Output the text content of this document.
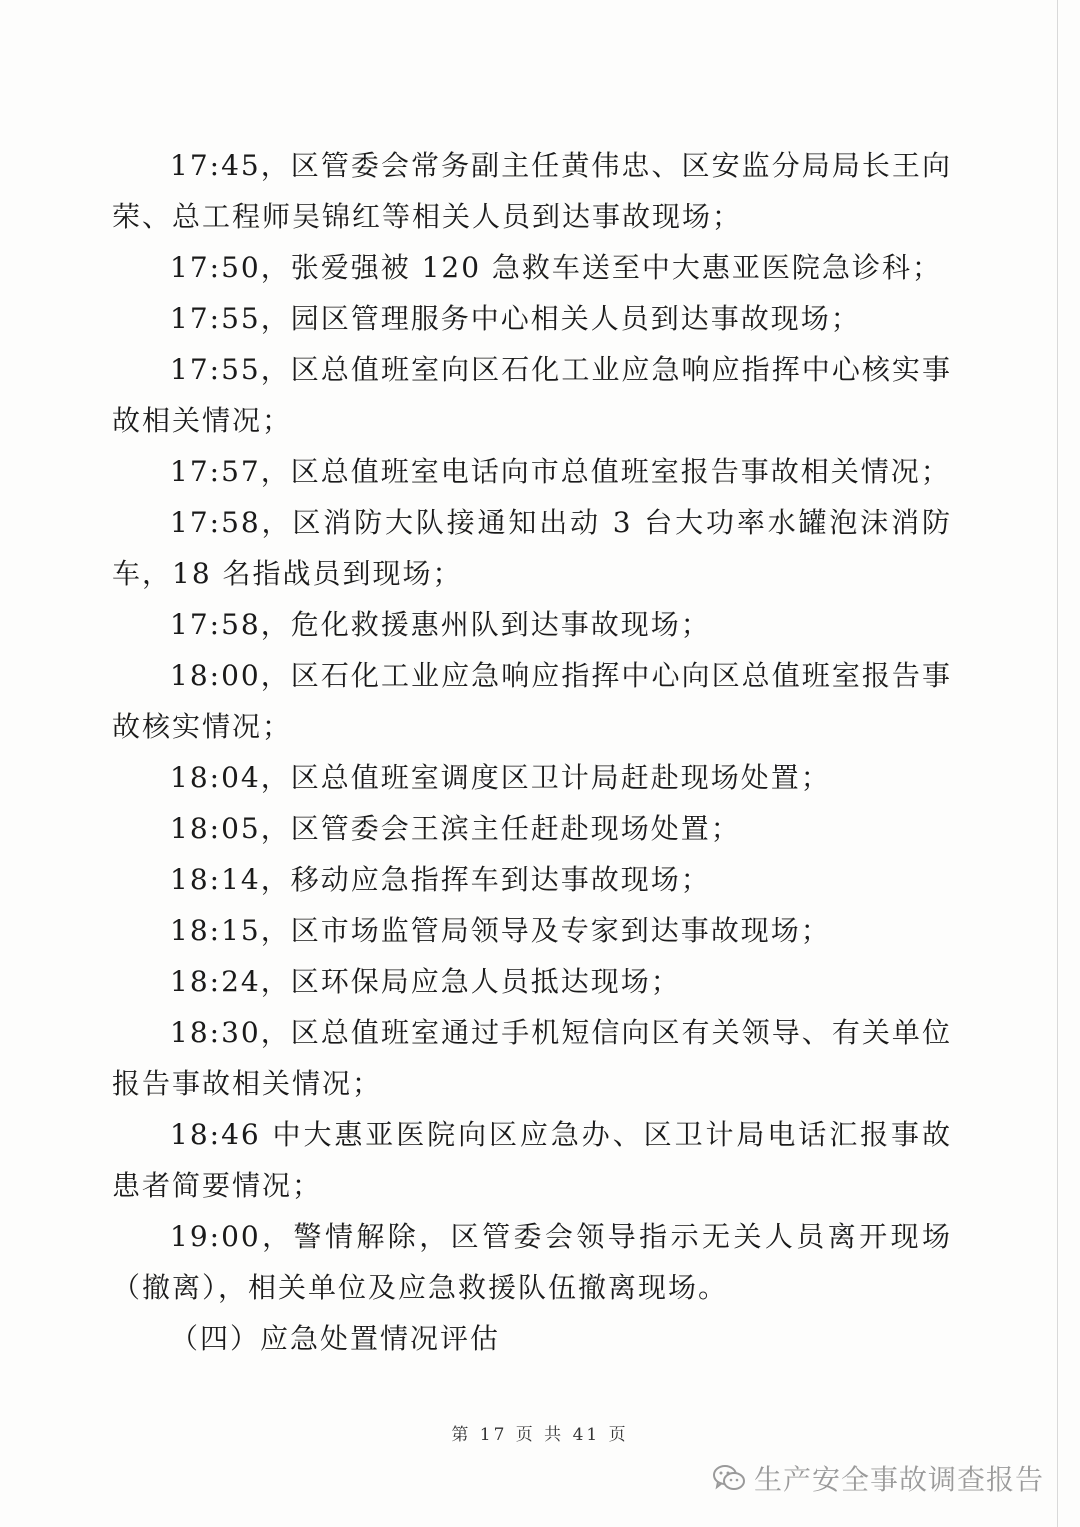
17:45，区管委会常务副主任黄伟忠、区安监分局局长王向荣、总工程师吴锦红等相关人员到达事故现场；

17:50，张爱强被 120 急救车送至中大惠亚医院急诊科；

17:55，园区管理服务中心相关人员到达事故现场；

17:55，区总值班室向区石化工业应急响应指挥中心核实事故相关情况；

17:57，区总值班室电话向市总值班室报告事故相关情况；

17:58，区消防大队接通知出动 3 台大功率水罐泡沫消防车，18 名指战员到现场；

17:58，危化救援惠州队到达事故现场；

18:00，区石化工业应急响应指挥中心向区总值班室报告事故核实情况；

18:04，区总值班室调度区卫计局赶赴现场处置；

18:05，区管委会王滨主任赶赴现场处置；

18:14，移动应急指挥车到达事故现场；

18:15，区市场监管局领导及专家到达事故现场；

18:24，区环保局应急人员抵达现场；

18:30，区总值班室通过手机短信向区有关领导、有关单位报告事故相关情况；

18:46 中大惠亚医院向区应急办、区卫计局电话汇报事故患者简要情况；

19:00，警情解除，区管委会领导指示无关人员离开现场（撤离），相关单位及应急救援队伍撤离现场。

（四）应急处置情况评估

第 17 页 共 41 页
生产安全事故调查报告
